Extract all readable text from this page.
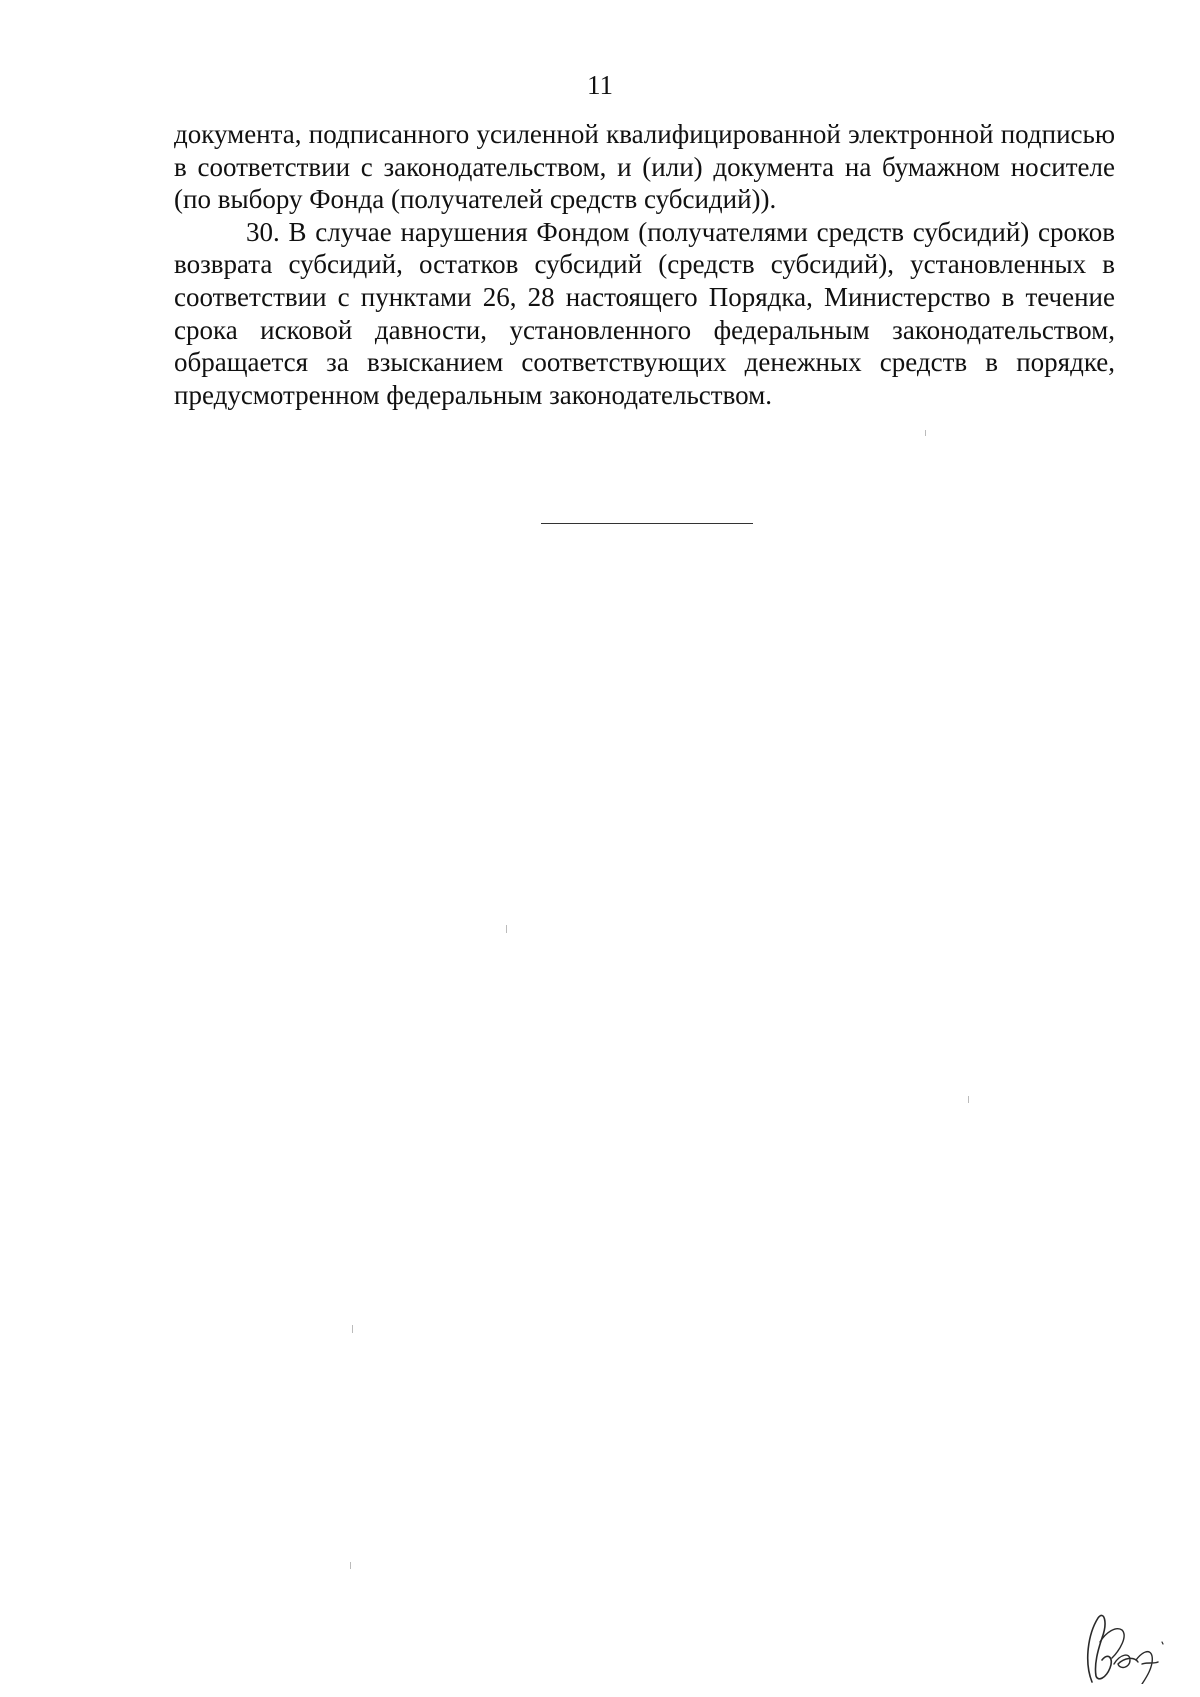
11

документа, подписанного усиленной квалифицированной электронной подписью в соответствии с законодательством, и (или) документа на бумажном носителе (по выбору Фонда (получателей средств субсидий)).

30. В случае нарушения Фондом (получателями средств субсидий) сроков возврата субсидий, остатков субсидий (средств субсидий), установленных в соответствии с пунктами 26, 28 настоящего Порядка, Министерство в течение срока исковой давности, установленного федеральным законодательством, обращается за взысканием соответствующих денежных средств в порядке, предусмотренном федеральным законодательством.
